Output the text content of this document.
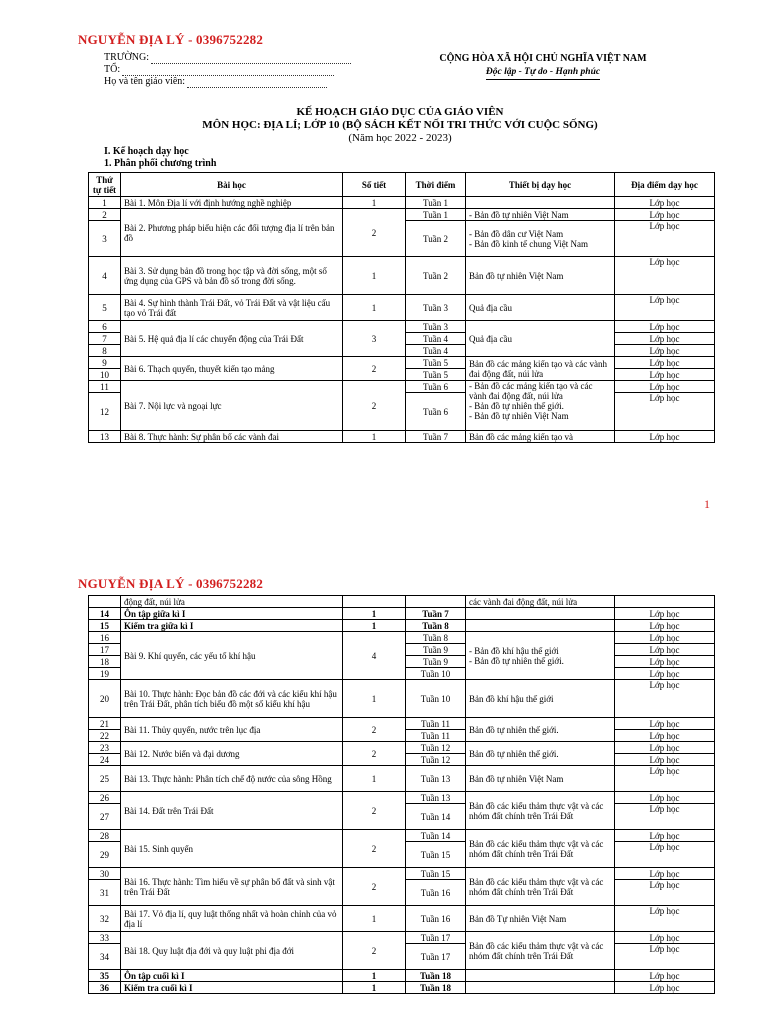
NGUYỄN ĐỊA LÝ - 0396752282
TRƯỜNG:
TỔ:
Họ và tên giáo viên:
CỘNG HÒA XÃ HỘI CHỦ NGHĨA VIỆT NAM
Độc lập - Tự do - Hạnh phúc
KẾ HOẠCH GIÁO DỤC CỦA GIÁO VIÊN
MÔN HỌC: ĐỊA LÍ; LỚP 10 (BỘ SÁCH KẾT NỐI TRI THỨC VỚI CUỘC SỐNG)
(Năm học 2022 - 2023)
I. Kế hoạch dạy học
1. Phân phối chương trình
Thứ tự tiết	Bài học	Số tiết	Thời điểm	Thiết bị dạy học	Địa điểm dạy học
1	Bài 1. Môn Địa lí với định hướng nghề nghiệp	1	Tuần 1		Lớp học
2	Bài 2. Phương pháp biểu hiện các đối tượng địa lí trên bản đồ	2	Tuần 1	- Bản đồ tự nhiên Việt Nam	Lớp học
3			Tuần 2	- Bản đồ dân cư Việt Nam
- Bản đồ kinh tế chung Việt Nam	Lớp học
4	Bài 3. Sử dụng bản đồ trong học tập và đời sống, một số ứng dụng của GPS và bản đồ số trong đời sống.	1	Tuần 2	Bản đồ tự nhiên Việt Nam	Lớp học
5	Bài 4. Sự hình thành Trái Đất, vỏ Trái Đất và vật liệu cấu tạo vỏ Trái đất	1	Tuần 3	Quả địa cầu	Lớp học
6	Bài 5. Hệ quả địa lí các chuyển động của Trái Đất	3	Tuần 3	Quả địa cầu	Lớp học
7			Tuần 4		Lớp học
8			Tuần 4		Lớp học
9	Bài 6. Thạch quyển, thuyết kiến tạo mảng	2	Tuần 5	Bản đồ các mảng kiến tạo và các vành đai động đất, núi lửa	Lớp học
10			Tuần 5		Lớp học
11	Bài 7. Nội lực và ngoại lực	2	Tuần 6	- Bản đồ các mảng kiến tạo và các vành đai động đất, núi lửa
- Bản đồ tự nhiên thế giới.
- Bản đồ tự nhiên Việt Nam	Lớp học
12			Tuần 6		Lớp học
13	Bài 8. Thực hành: Sự phân bố các vành đai	1	Tuần 7	Bản đồ các mảng kiến tạo và	Lớp học
1
NGUYỄN ĐỊA LÝ - 0396752282
	động đất, núi lửa			các vành đai động đất, núi lửa	
14	Ôn tập giữa kì I	1	Tuần 7		Lớp học
15	Kiểm tra giữa kì I	1	Tuần 8		Lớp học
16	Bài 9. Khí quyển, các yếu tố khí hậu	4	Tuần 8	- Bản đồ khí hậu thế giới
- Bản đồ tự nhiên thế giới.	Lớp học
17			Tuần 9		Lớp học
18			Tuần 9		Lớp học
19			Tuần 10		Lớp học
20	Bài 10. Thực hành: Đọc bản đồ các đới và các kiểu khí hậu trên Trái Đất, phân tích biểu đồ một số kiểu khí hậu	1	Tuần 10	Bản đồ khí hậu thế giới	Lớp học
21	Bài 11. Thủy quyển, nước trên lục địa	2	Tuần 11	Bản đồ tự nhiên thế giới.	Lớp học
22			Tuần 11		Lớp học
23	Bài 12. Nước biển và đại dương	2	Tuần 12	Bản đồ tự nhiên thế giới.	Lớp học
24			Tuần 12		Lớp học
25	Bài 13. Thực hành: Phân tích chế độ nước của sông Hồng	1	Tuần 13	Bản đồ tự nhiên Việt Nam	Lớp học
26	Bài 14. Đất trên Trái Đất	2	Tuần 13	Bản đồ các kiểu thảm thực vật và các nhóm đất chính trên Trái Đất	Lớp học
27			Tuần 14		Lớp học
28	Bài 15. Sinh quyển	2	Tuần 14	Bản đồ các kiểu thảm thực vật và các nhóm đất chính trên Trái Đất	Lớp học
29			Tuần 15		Lớp học
30	Bài 16. Thực hành: Tìm hiểu về sự phân bố đất và sinh vật trên Trái Đất	2	Tuần 15	Bản đồ các kiểu thảm thực vật và các nhóm đất chính trên Trái Đất	Lớp học
31			Tuần 16		Lớp học
32	Bài 17. Vỏ địa lí, quy luật thống nhất và hoàn chỉnh của vỏ địa lí	1	Tuần 16	Bản đồ Tự nhiên Việt Nam	Lớp học
33	Bài 18. Quy luật địa đới và quy luật phi địa đới	2	Tuần 17	Bản đồ các kiểu thảm thực vật và các nhóm đất chính trên Trái Đất	Lớp học
34			Tuần 17		Lớp học
35	Ôn tập cuối kì I	1	Tuần 18		Lớp học
36	Kiểm tra cuối kì I	1	Tuần 18		Lớp học
